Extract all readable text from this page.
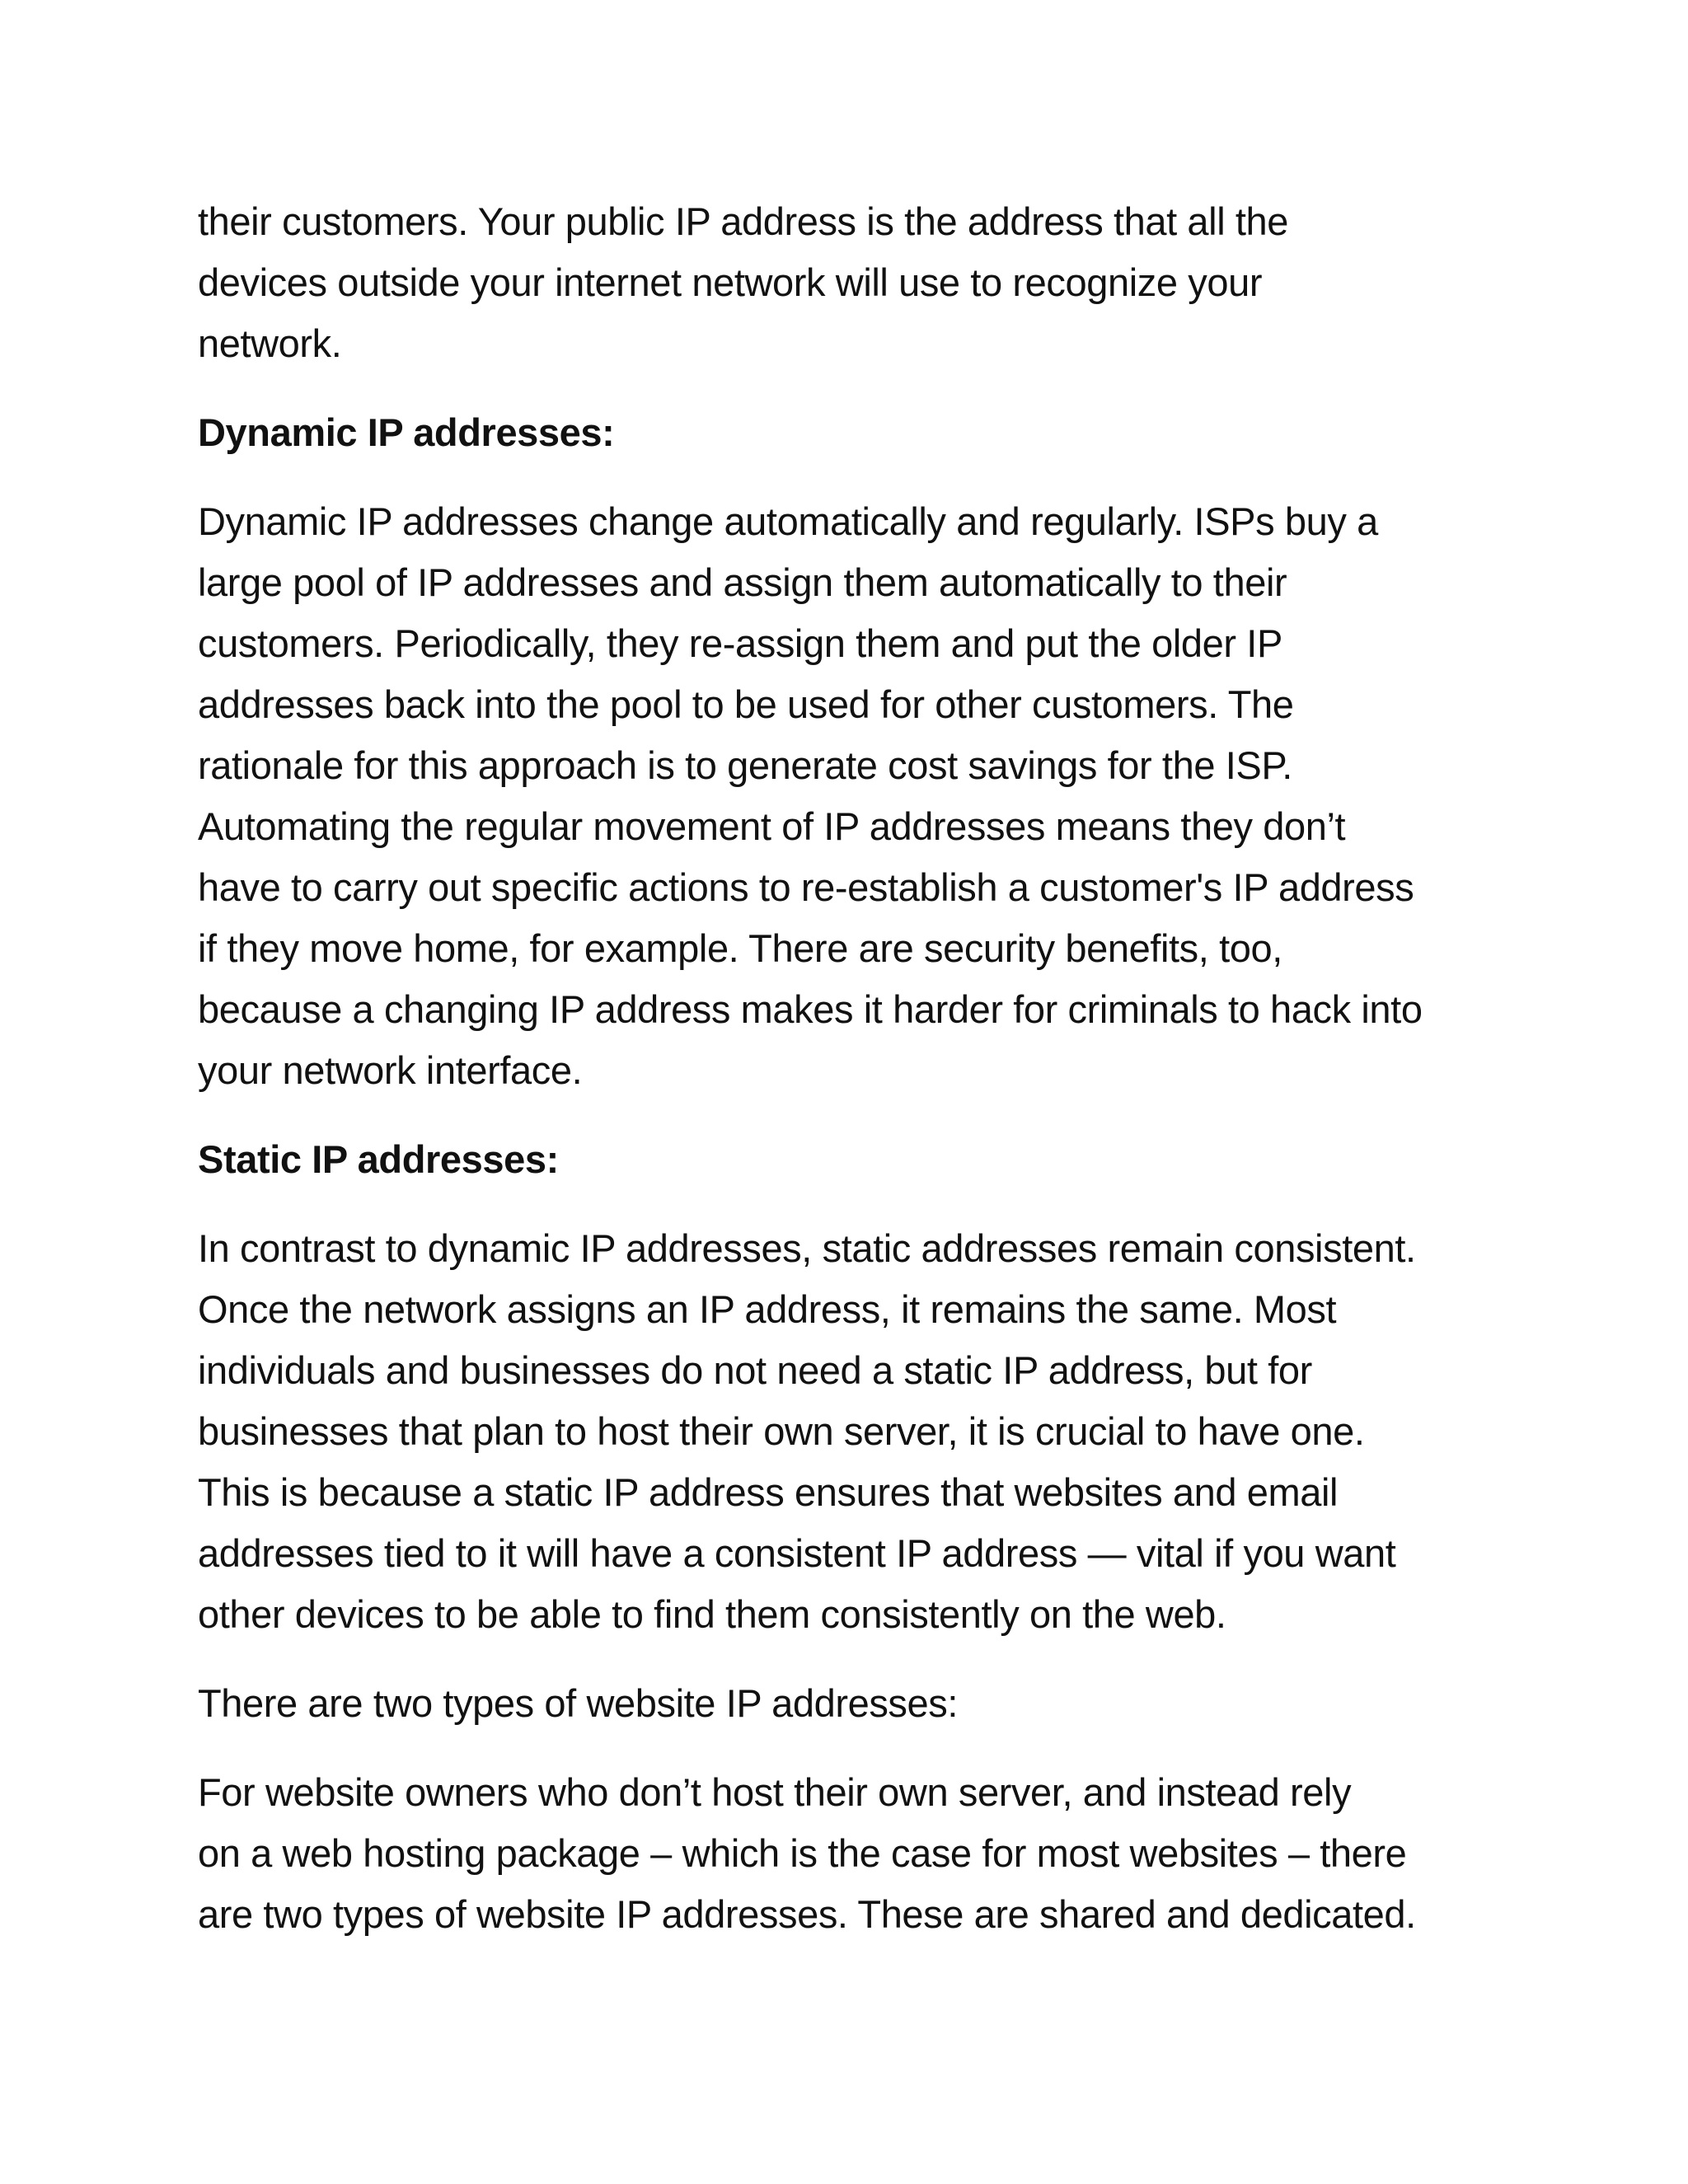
their customers. Your public IP address is the address that all the
devices outside your internet network will use to recognize your
network.

Dynamic IP addresses:

Dynamic IP addresses change automatically and regularly. ISPs buy a
large pool of IP addresses and assign them automatically to their
customers. Periodically, they re-assign them and put the older IP
addresses back into the pool to be used for other customers. The
rationale for this approach is to generate cost savings for the ISP.
Automating the regular movement of IP addresses means they don’t
have to carry out specific actions to re-establish a customer's IP address
if they move home, for example. There are security benefits, too,
because a changing IP address makes it harder for criminals to hack into
your network interface.

Static IP addresses:

In contrast to dynamic IP addresses, static addresses remain consistent.
Once the network assigns an IP address, it remains the same. Most
individuals and businesses do not need a static IP address, but for
businesses that plan to host their own server, it is crucial to have one.
This is because a static IP address ensures that websites and email
addresses tied to it will have a consistent IP address — vital if you want
other devices to be able to find them consistently on the web.

There are two types of website IP addresses:

For website owners who don’t host their own server, and instead rely
on a web hosting package – which is the case for most websites – there
are two types of website IP addresses. These are shared and dedicated.
